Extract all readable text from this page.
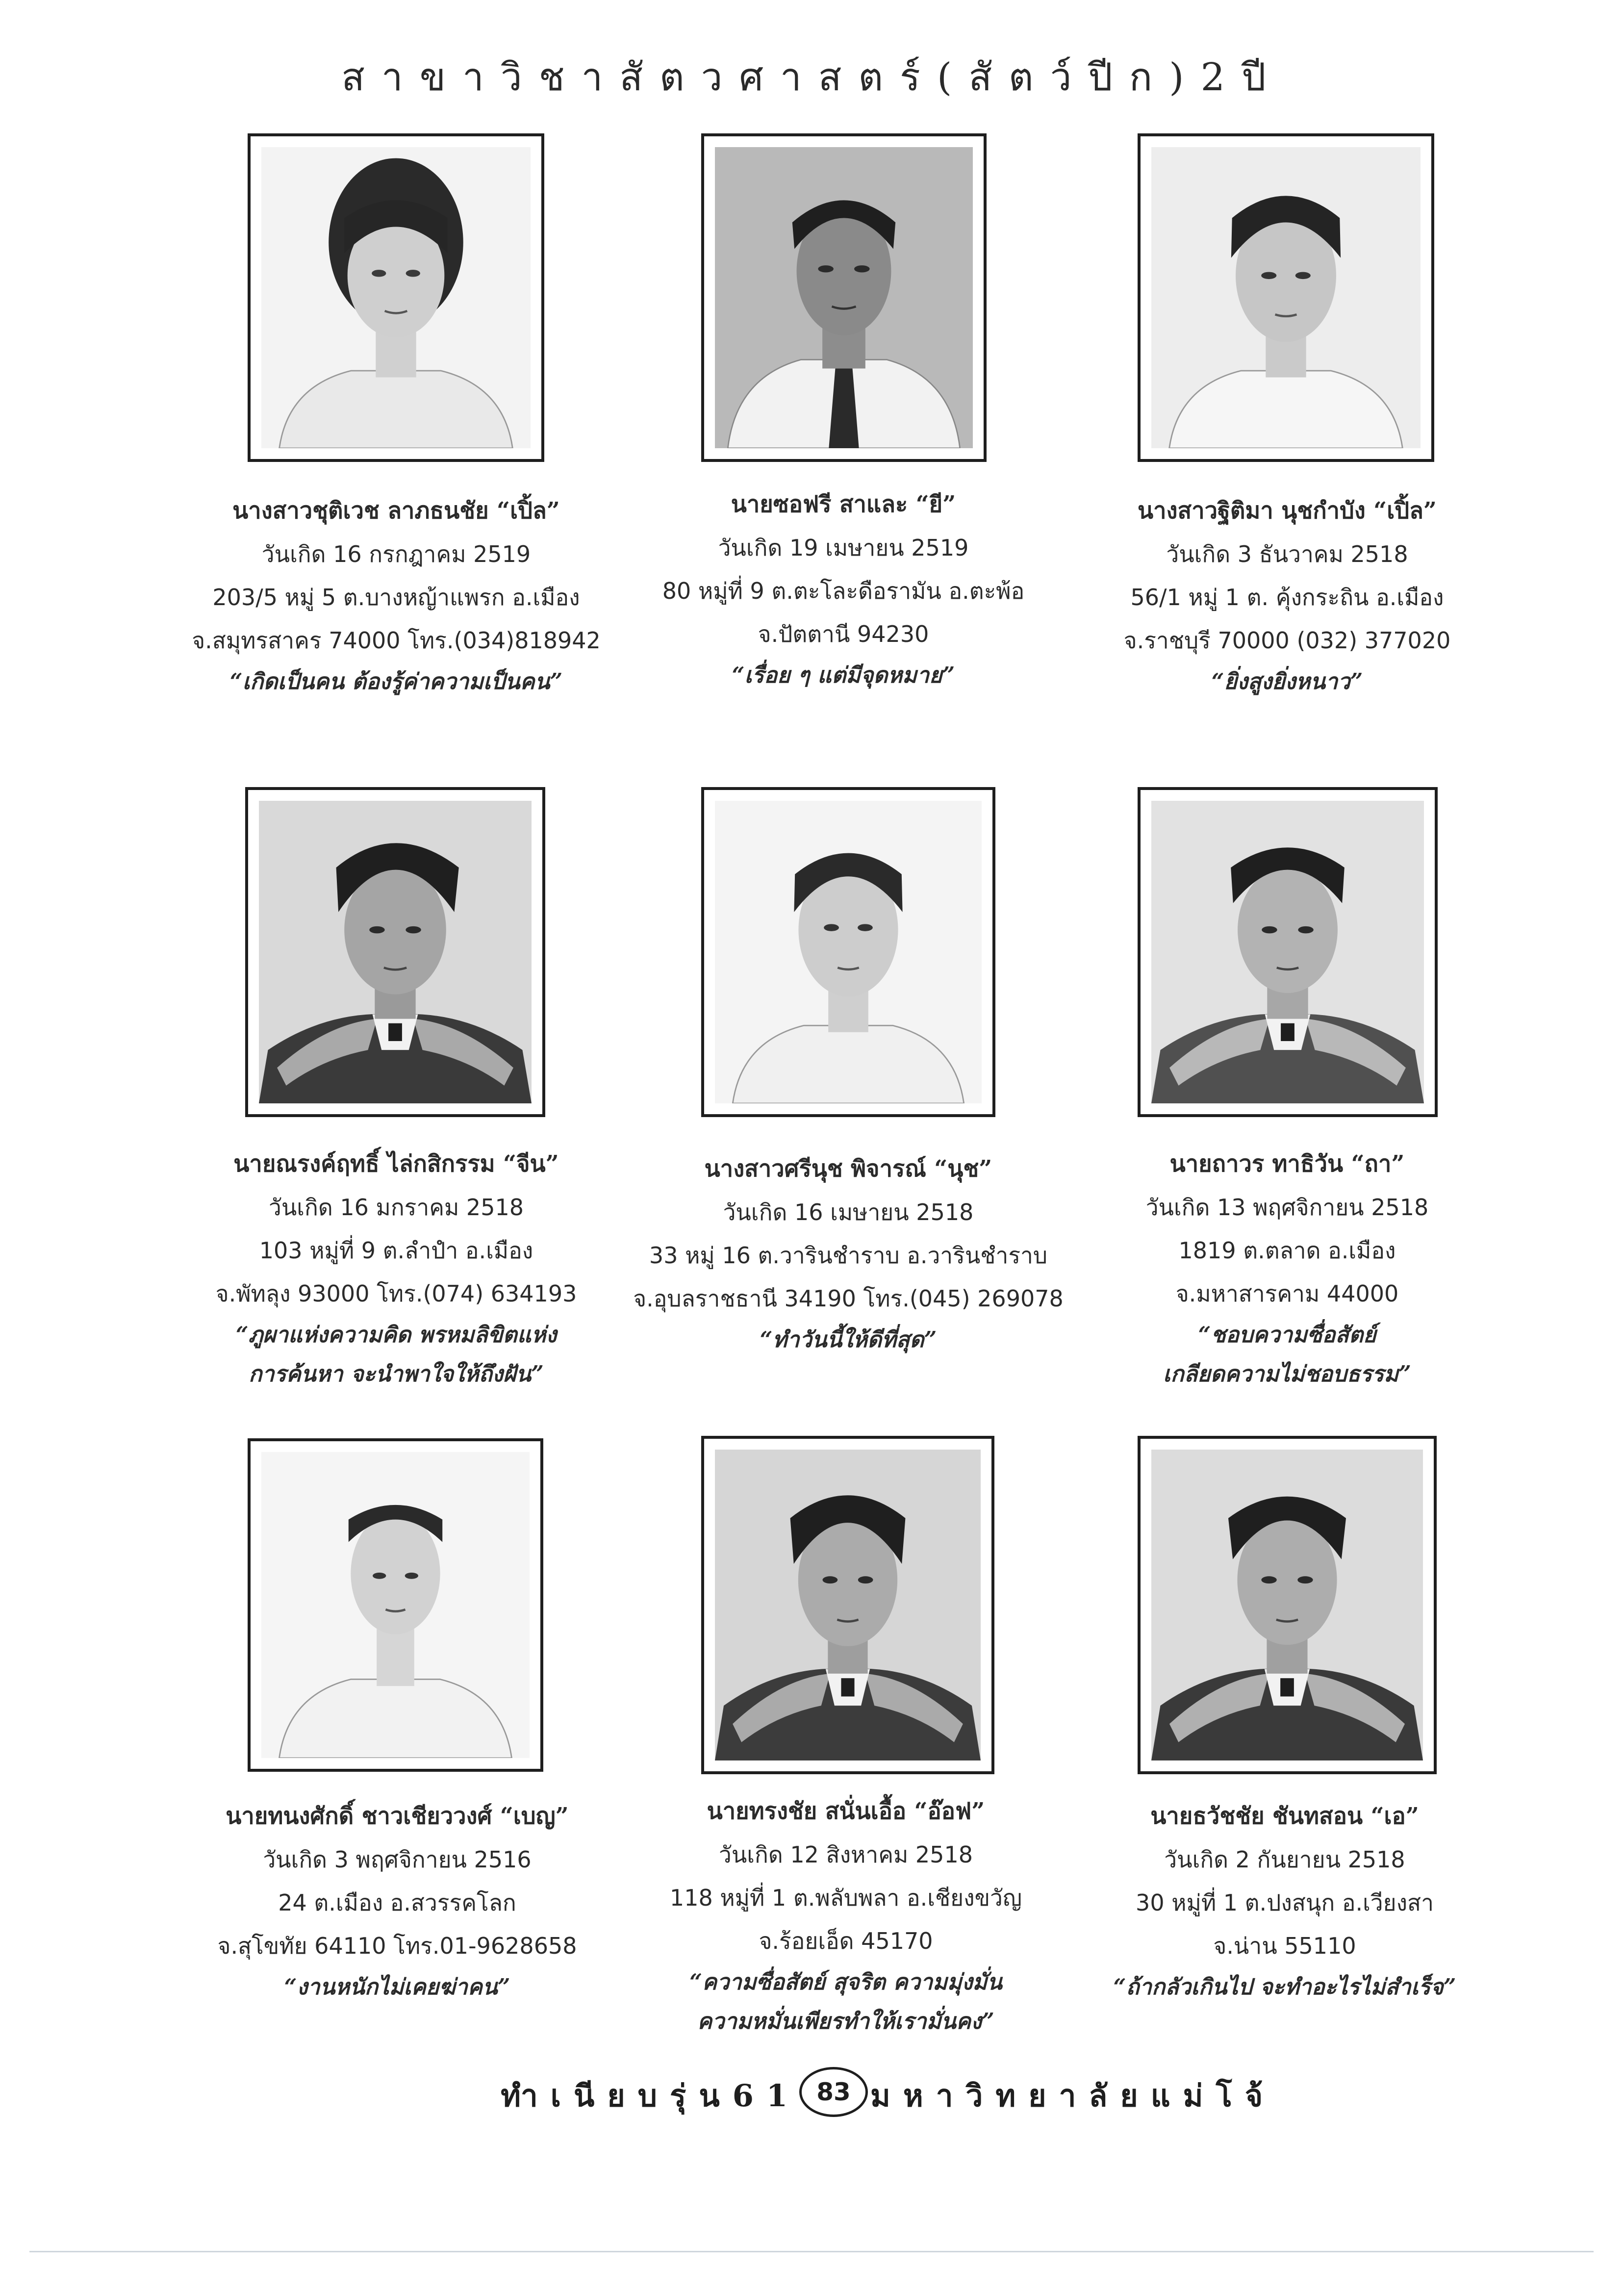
สาขาวิชาสัตวศาสตร์(สัตว์ปีก)2ปี
นางสาวชุติเวช ลาภธนชัย “เปิ้ล”
วันเกิด 16 กรกฎาคม 2519
203/5 หมู่ 5 ต.บางหญ้าแพรก อ.เมือง
จ.สมุทรสาคร 74000 โทร.(034)818942
“เกิดเป็นคน ต้องรู้ค่าความเป็นคน”
นายซอฟรี สาและ “ยี”
วันเกิด 19 เมษายน 2519
80 หมู่ที่ 9 ต.ตะโละดือรามัน อ.ตะพ้อ
จ.ปัตตานี 94230
“เรื่อย ๆ แต่มีจุดหมาย”
นางสาวฐิติมา นุชกำบัง “เปิ้ล”
วันเกิด 3 ธันวาคม 2518
56/1 หมู่ 1 ต. คุ้งกระถิน อ.เมือง
จ.ราชบุรี 70000 (032) 377020
“ยิ่งสูงยิ่งหนาว”
นายณรงค์ฤทธิ์ ไล่กสิกรรม “จีน”
วันเกิด 16 มกราคม 2518
103 หมู่ที่ 9 ต.ลำปำ อ.เมือง
จ.พัทลุง 93000 โทร.(074) 634193
“ภูผาแห่งความคิด พรหมลิขิตแห่ง
การค้นหา จะนำพาใจให้ถึงฝัน”
นางสาวศรีนุช พิจารณ์ “นุช”
วันเกิด 16 เมษายน 2518
33 หมู่ 16 ต.วารินชำราบ อ.วารินชำราบ
จ.อุบลราชธานี 34190 โทร.(045) 269078
“ทำวันนี้ให้ดีที่สุด”
นายถาวร ทาธิวัน “ถา”
วันเกิด 13 พฤศจิกายน 2518
1819 ต.ตลาด อ.เมือง
จ.มหาสารคาม 44000
“ชอบความซื่อสัตย์
เกลียดความไม่ชอบธรรม”
นายทนงศักดิ์ ชาวเชียววงศ์ “เบญ”
วันเกิด 3 พฤศจิกายน 2516
24 ต.เมือง อ.สวรรคโลก
จ.สุโขทัย 64110 โทร.01-9628658
“งานหนักไม่เคยฆ่าคน”
นายทรงชัย สนั่นเอื้อ “อ๊อฟ”
วันเกิด 12 สิงหาคม 2518
118 หมู่ที่ 1 ต.พลับพลา อ.เชียงขวัญ
จ.ร้อยเอ็ด 45170
“ความซื่อสัตย์ สุจริต ความมุ่งมั่น
ความหมั่นเพียรทำให้เรามั่นคง”
นายธวัชชัย ชันทสอน “เอ”
วันเกิด 2 กันยายน 2518
30 หมู่ที่ 1 ต.ปงสนุก อ.เวียงสา
จ.น่าน 55110
“ถ้ากลัวเกินไป จะทำอะไรไม่สำเร็จ”
ทำเนียบรุ่น61 83 มหาวิทยาลัยแม่โจ้
